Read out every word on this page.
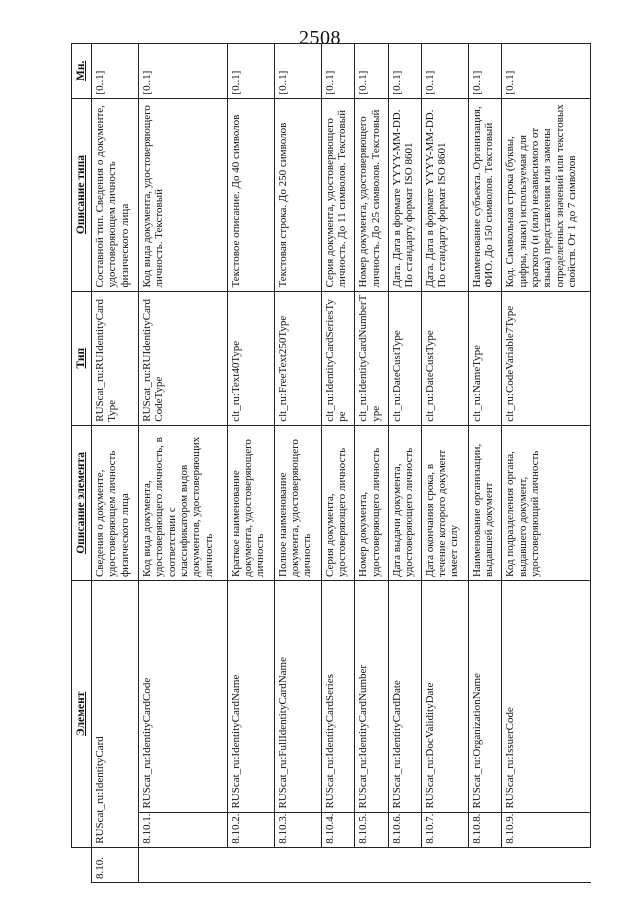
2508
	Элемент		Описание элемента	Тип	Описание типа	Мн.
8.10.	RUScat_ru:IdentityCard		Сведения о документе, удостоверяющем личность физического лица	RUScat_ru:RUIdentityCardType	Составной тип. Сведения о документе, удостоверяющем личность физического лица	[0..1]
	8.10.1.	RUScat_ru:IdentityCardCode	Код вида документа, удостоверяющего личность, в соответствии с классификатором видов документов, удостоверяющих личность	RUScat_ru:RUIdentityCardCodeType	Код вида документа, удостоверяющего личность. Текстовый	[0..1]
	8.10.2.	RUScat_ru:IdentityCardName	Краткое наименование документа, удостоверяющего личность	clt_ru:Text40Type	Текстовое описание. До 40 символов	[0..1]
	8.10.3.	RUScat_ru:FullIdentityCardName	Полное наименование документа, удостоверяющего личность	clt_ru:FreeText250Type	Текстовая строка. До 250 символов	[0..1]
	8.10.4.	RUScat_ru:IdentityCardSeries	Серия документа, удостоверяющего личность	clt_ru:IdentityCardSeriesType	Серия документа, удостоверяющего личность. До 11 символов. Текстовый	[0..1]
	8.10.5.	RUScat_ru:IdentityCardNumber	Номер документа, удостоверяющего личность	clt_ru:IdentityCardNumberType	Номер документа, удостоверяющего личность. До 25 символов. Текстовый	[0..1]
	8.10.6.	RUScat_ru:IdentityCardDate	Дата выдачи документа, удостоверяющего личность	clt_ru:DateCustType	Дата. Дата в формате YYYY-MM-DD. По стандарту формат ISO 8601	[0..1]
	8.10.7.	RUScat_ru:DocValidityDate	Дата окончания срока, в течение которого документ имеет силу	clt_ru:DateCustType	Дата. Дата в формате YYYY-MM-DD. По стандарту формат ISO 8601	[0..1]
	8.10.8.	RUScat_ru:OrganizationName	Наименование организации, выдавшей документ	clt_ru:NameType	Наименование субъекта. Организация, ФИО. До 150 символов. Текстовый	[0..1]
	8.10.9.	RUScat_ru:IssuerCode	Код подразделения органа, выдавшего документ, удостоверяющий личность	clt_ru:CodeVariable7Type	Код. Символьная строка (буквы, цифры, знаки) используемая для краткого (и (или) независимого от языка) представления или замены определенных значений или текстовых свойств. От 1 до 7 символов	[0..1]
